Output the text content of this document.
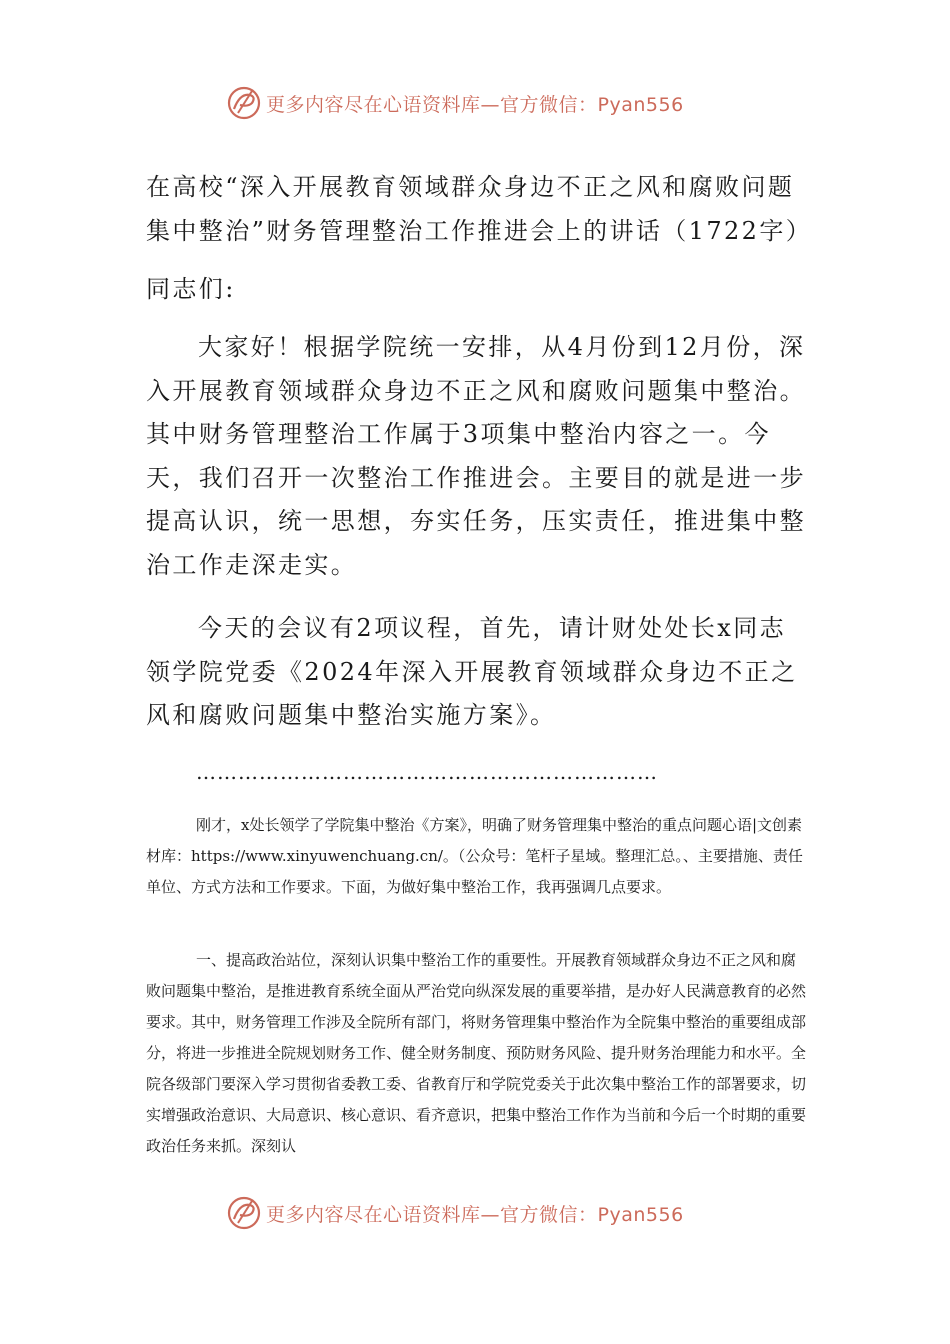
更多内容尽在心语资料库—官方微信：Pyan556

在高校“深入开展教育领域群众身边不正之风和腐败问题集中整治”财务管理整治工作推进会上的讲话（1722字）

同志们:

大家好！根据学院统一安排，从4月份到12月份，深入开展教育领域群众身边不正之风和腐败问题集中整治。其中财务管理整治工作属于3项集中整治内容之一。今天，我们召开一次整治工作推进会。主要目的就是进一步提高认识，统一思想，夯实任务，压实责任，推进集中整治工作走深走实。

今天的会议有2项议程，首先，请计财处处长x同志领学院党委《2024年深入开展教育领域群众身边不正之风和腐败问题集中整治实施方案》。

…………………………………………………………

刚才，x处长领学了学院集中整治《方案》，明确了财务管理集中整治的重点问题心语|文创素材库：https://www.xinyuwenchuang.cn/。（公众号：笔杆子星域。整理汇总。、主要措施、责任单位、方式方法和工作要求。下面，为做好集中整治工作，我再强调几点要求。

一、提高政治站位，深刻认识集中整治工作的重要性。开展教育领域群众身边不正之风和腐败问题集中整治，是推进教育系统全面从严治党向纵深发展的重要举措，是办好人民满意教育的必然要求。其中，财务管理工作涉及全院所有部门，将财务管理集中整治作为全院集中整治的重要组成部分，将进一步推进全院规划财务工作、健全财务制度、预防财务风险、提升财务治理能力和水平。全院各级部门要深入学习贯彻省委教工委、省教育厅和学院党委关于此次集中整治工作的部署要求，切实增强政治意识、大局意识、核心意识、看齐意识，把集中整治工作作为当前和今后一个时期的重要政治任务来抓。深刻认

更多内容尽在心语资料库—官方微信：Pyan556
